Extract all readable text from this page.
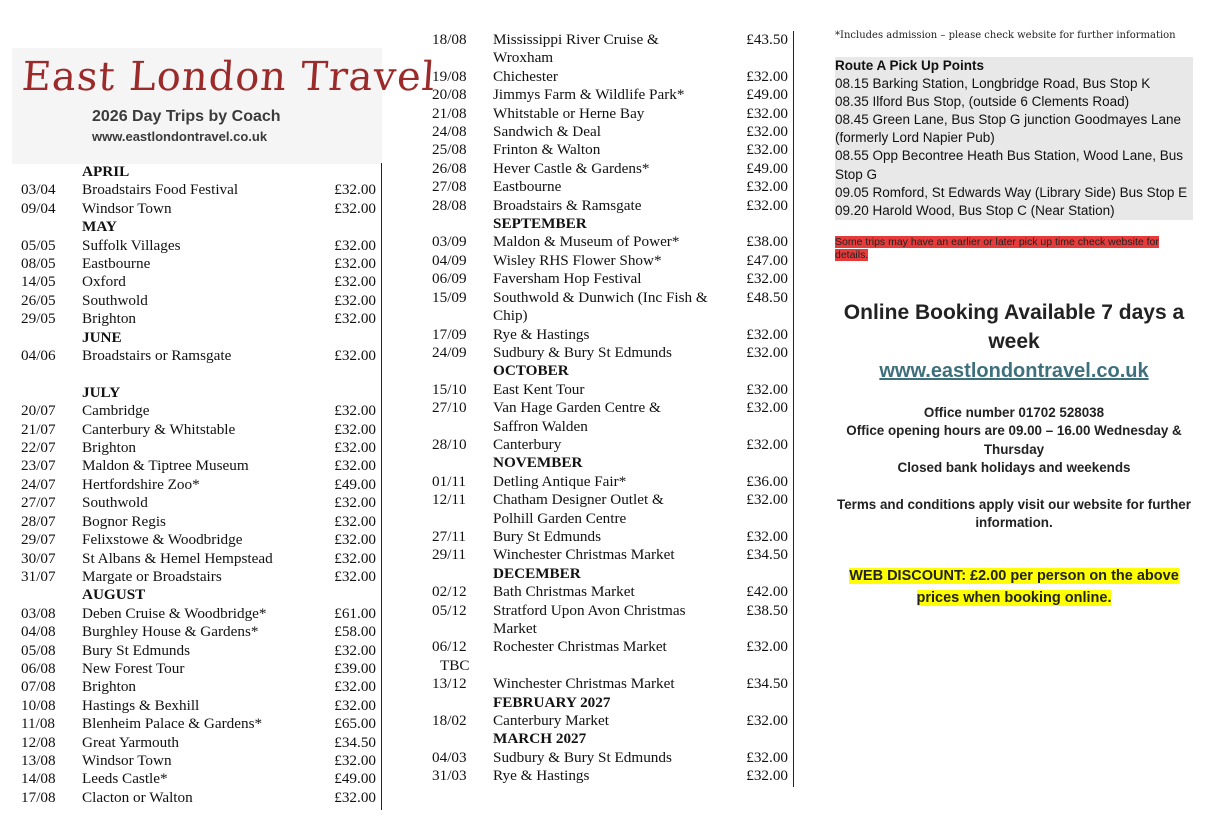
East London Travel
2026 Day Trips by Coach
www.eastlondontravel.co.uk
APRIL
03/04	Broadstairs Food Festival	£32.00
09/04	Windsor Town	£32.00
MAY
05/05	Suffolk Villages	£32.00
08/05	Eastbourne	£32.00
14/05	Oxford	£32.00
26/05	Southwold	£32.00
29/05	Brighton	£32.00
JUNE
04/06	Broadstairs or Ramsgate	£32.00
JULY
20/07	Cambridge	£32.00
21/07	Canterbury & Whitstable	£32.00
22/07	Brighton	£32.00
23/07	Maldon & Tiptree Museum	£32.00
24/07	Hertfordshire Zoo*	£49.00
27/07	Southwold	£32.00
28/07	Bognor Regis	£32.00
29/07	Felixstowe & Woodbridge	£32.00
30/07	St Albans & Hemel Hempstead	£32.00
31/07	Margate or Broadstairs	£32.00
AUGUST
03/08	Deben Cruise & Woodbridge*	£61.00
04/08	Burghley House & Gardens*	£58.00
05/08	Bury St Edmunds	£32.00
06/08	New Forest Tour	£39.00
07/08	Brighton	£32.00
10/08	Hastings & Bexhill	£32.00
11/08	Blenheim Palace & Gardens*	£65.00
12/08	Great Yarmouth	£34.50
13/08	Windsor Town	£32.00
14/08	Leeds Castle*	£49.00
17/08	Clacton or Walton	£32.00
18/08	Mississippi River Cruise &	£43.50
Wroxham
19/08	Chichester	£32.00
20/08	Jimmys Farm & Wildlife Park*	£49.00
21/08	Whitstable or Herne Bay	£32.00
24/08	Sandwich & Deal	£32.00
25/08	Frinton & Walton	£32.00
26/08	Hever Castle & Gardens*	£49.00
27/08	Eastbourne	£32.00
28/08	Broadstairs & Ramsgate	£32.00
SEPTEMBER
03/09	Maldon & Museum of Power*	£38.00
04/09	Wisley RHS Flower Show*	£47.00
06/09	Faversham Hop Festival	£32.00
15/09	Southwold & Dunwich (Inc Fish &	£48.50
Chip)
17/09	Rye & Hastings	£32.00
24/09	Sudbury & Bury St Edmunds	£32.00
OCTOBER
15/10	East Kent Tour	£32.00
27/10	Van Hage Garden Centre &	£32.00
Saffron Walden
28/10	Canterbury	£32.00
NOVEMBER
01/11	Detling Antique Fair*	£36.00
12/11	Chatham Designer Outlet &	£32.00
Polhill Garden Centre
27/11	Bury St Edmunds	£32.00
29/11	Winchester Christmas Market	£34.50
DECEMBER
02/12	Bath Christmas Market	£42.00
05/12	Stratford Upon Avon Christmas	£38.50
Market
06/12	Rochester Christmas Market	£32.00
TBC
13/12	Winchester Christmas Market	£34.50
FEBRUARY 2027
18/02	Canterbury Market	£32.00
MARCH 2027
04/03	Sudbury & Bury St Edmunds	£32.00
31/03	Rye & Hastings	£32.00
*Includes admission – please check website for further information
Route A Pick Up Points
08.15 Barking Station, Longbridge Road, Bus Stop K
08.35 Ilford Bus Stop, (outside 6 Clements Road)
08.45 Green Lane, Bus Stop G junction Goodmayes Lane (formerly Lord Napier Pub)
08.55 Opp Becontree Heath Bus Station, Wood Lane, Bus Stop G
09.05 Romford, St Edwards Way (Library Side) Bus Stop E
09.20 Harold Wood, Bus Stop C (Near Station)
Some trips may have an earlier or later pick up time check website for details.
Online Booking Available 7 days a week
www.eastlondontravel.co.uk
Office number 01702 528038
Office opening hours are 09.00 – 16.00 Wednesday & Thursday
Closed bank holidays and weekends
Terms and conditions apply visit our website for further information.
WEB DISCOUNT: £2.00 per person on the above prices when booking online.
